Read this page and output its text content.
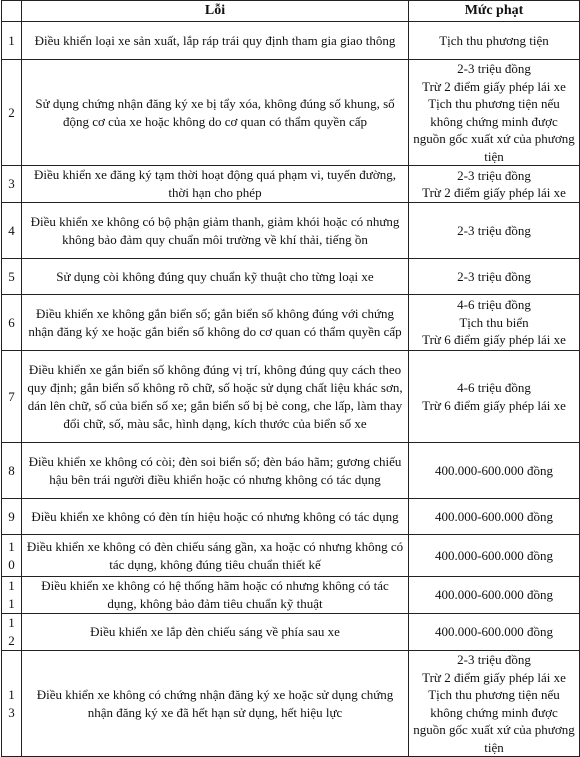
	Lỗi	Mức phạt
1	Điều khiển loại xe sản xuất, lắp ráp trái quy định tham gia giao thông	Tịch thu phương tiện

2	Sử dụng chứng nhận đăng ký xe bị tẩy xóa, không đúng số khung, số động cơ của xe hoặc không do cơ quan có thẩm quyền cấp	2-3 triệu đồng
Trừ 2 điểm giấy phép lái xe
Tịch thu phương tiện nếu không chứng minh được nguồn gốc xuất xứ của phương tiện

3	Điều khiển xe đăng ký tạm thời hoạt động quá phạm vi, tuyến đường, thời hạn cho phép	2-3 triệu đồng
Trừ 2 điểm giấy phép lái xe

4	Điều khiển xe không có bộ phận giảm thanh, giảm khói hoặc có nhưng không bảo đảm quy chuẩn môi trường về khí thải, tiếng ồn	2-3 triệu đồng

5	Sử dụng còi không đúng quy chuẩn kỹ thuật cho từng loại xe	2-3 triệu đồng

6	Điều khiển xe không gắn biển số; gắn biển số không đúng với chứng nhận đăng ký xe hoặc gắn biển số không do cơ quan có thẩm quyền cấp	4-6 triệu đồng
Tịch thu biển
Trừ 6 điểm giấy phép lái xe

7	Điều khiển xe gắn biển số không đúng vị trí, không đúng quy cách theo quy định; gắn biển số không rõ chữ, số hoặc sử dụng chất liệu khác sơn, dán lên chữ, số của biển số xe; gắn biển số bị bẻ cong, che lấp, làm thay đổi chữ, số, màu sắc, hình dạng, kích thước của biển số xe	4-6 triệu đồng
Trừ 6 điểm giấy phép lái xe

8	Điều khiển xe không có còi; đèn soi biển số; đèn báo hãm; gương chiếu hậu bên trái người điều khiển hoặc có nhưng không có tác dụng	400.000-600.000 đồng

9	Điều khiển xe không có đèn tín hiệu hoặc có nhưng không có tác dụng	400.000-600.000 đồng

10	Điều khiển xe không có đèn chiếu sáng gần, xa hoặc có nhưng không có tác dụng, không đúng tiêu chuẩn thiết kế	400.000-600.000 đồng

11	Điều khiển xe không có hệ thống hãm hoặc có nhưng không có tác dụng, không bảo đảm tiêu chuẩn kỹ thuật	400.000-600.000 đồng

12	Điều khiển xe lắp đèn chiếu sáng về phía sau xe	400.000-600.000 đồng

13	Điều khiển xe không có chứng nhận đăng ký xe hoặc sử dụng chứng nhận đăng ký xe đã hết hạn sử dụng, hết hiệu lực	2-3 triệu đồng
Trừ 2 điểm giấy phép lái xe
Tịch thu phương tiện nếu không chứng minh được nguồn gốc xuất xứ của phương tiện
